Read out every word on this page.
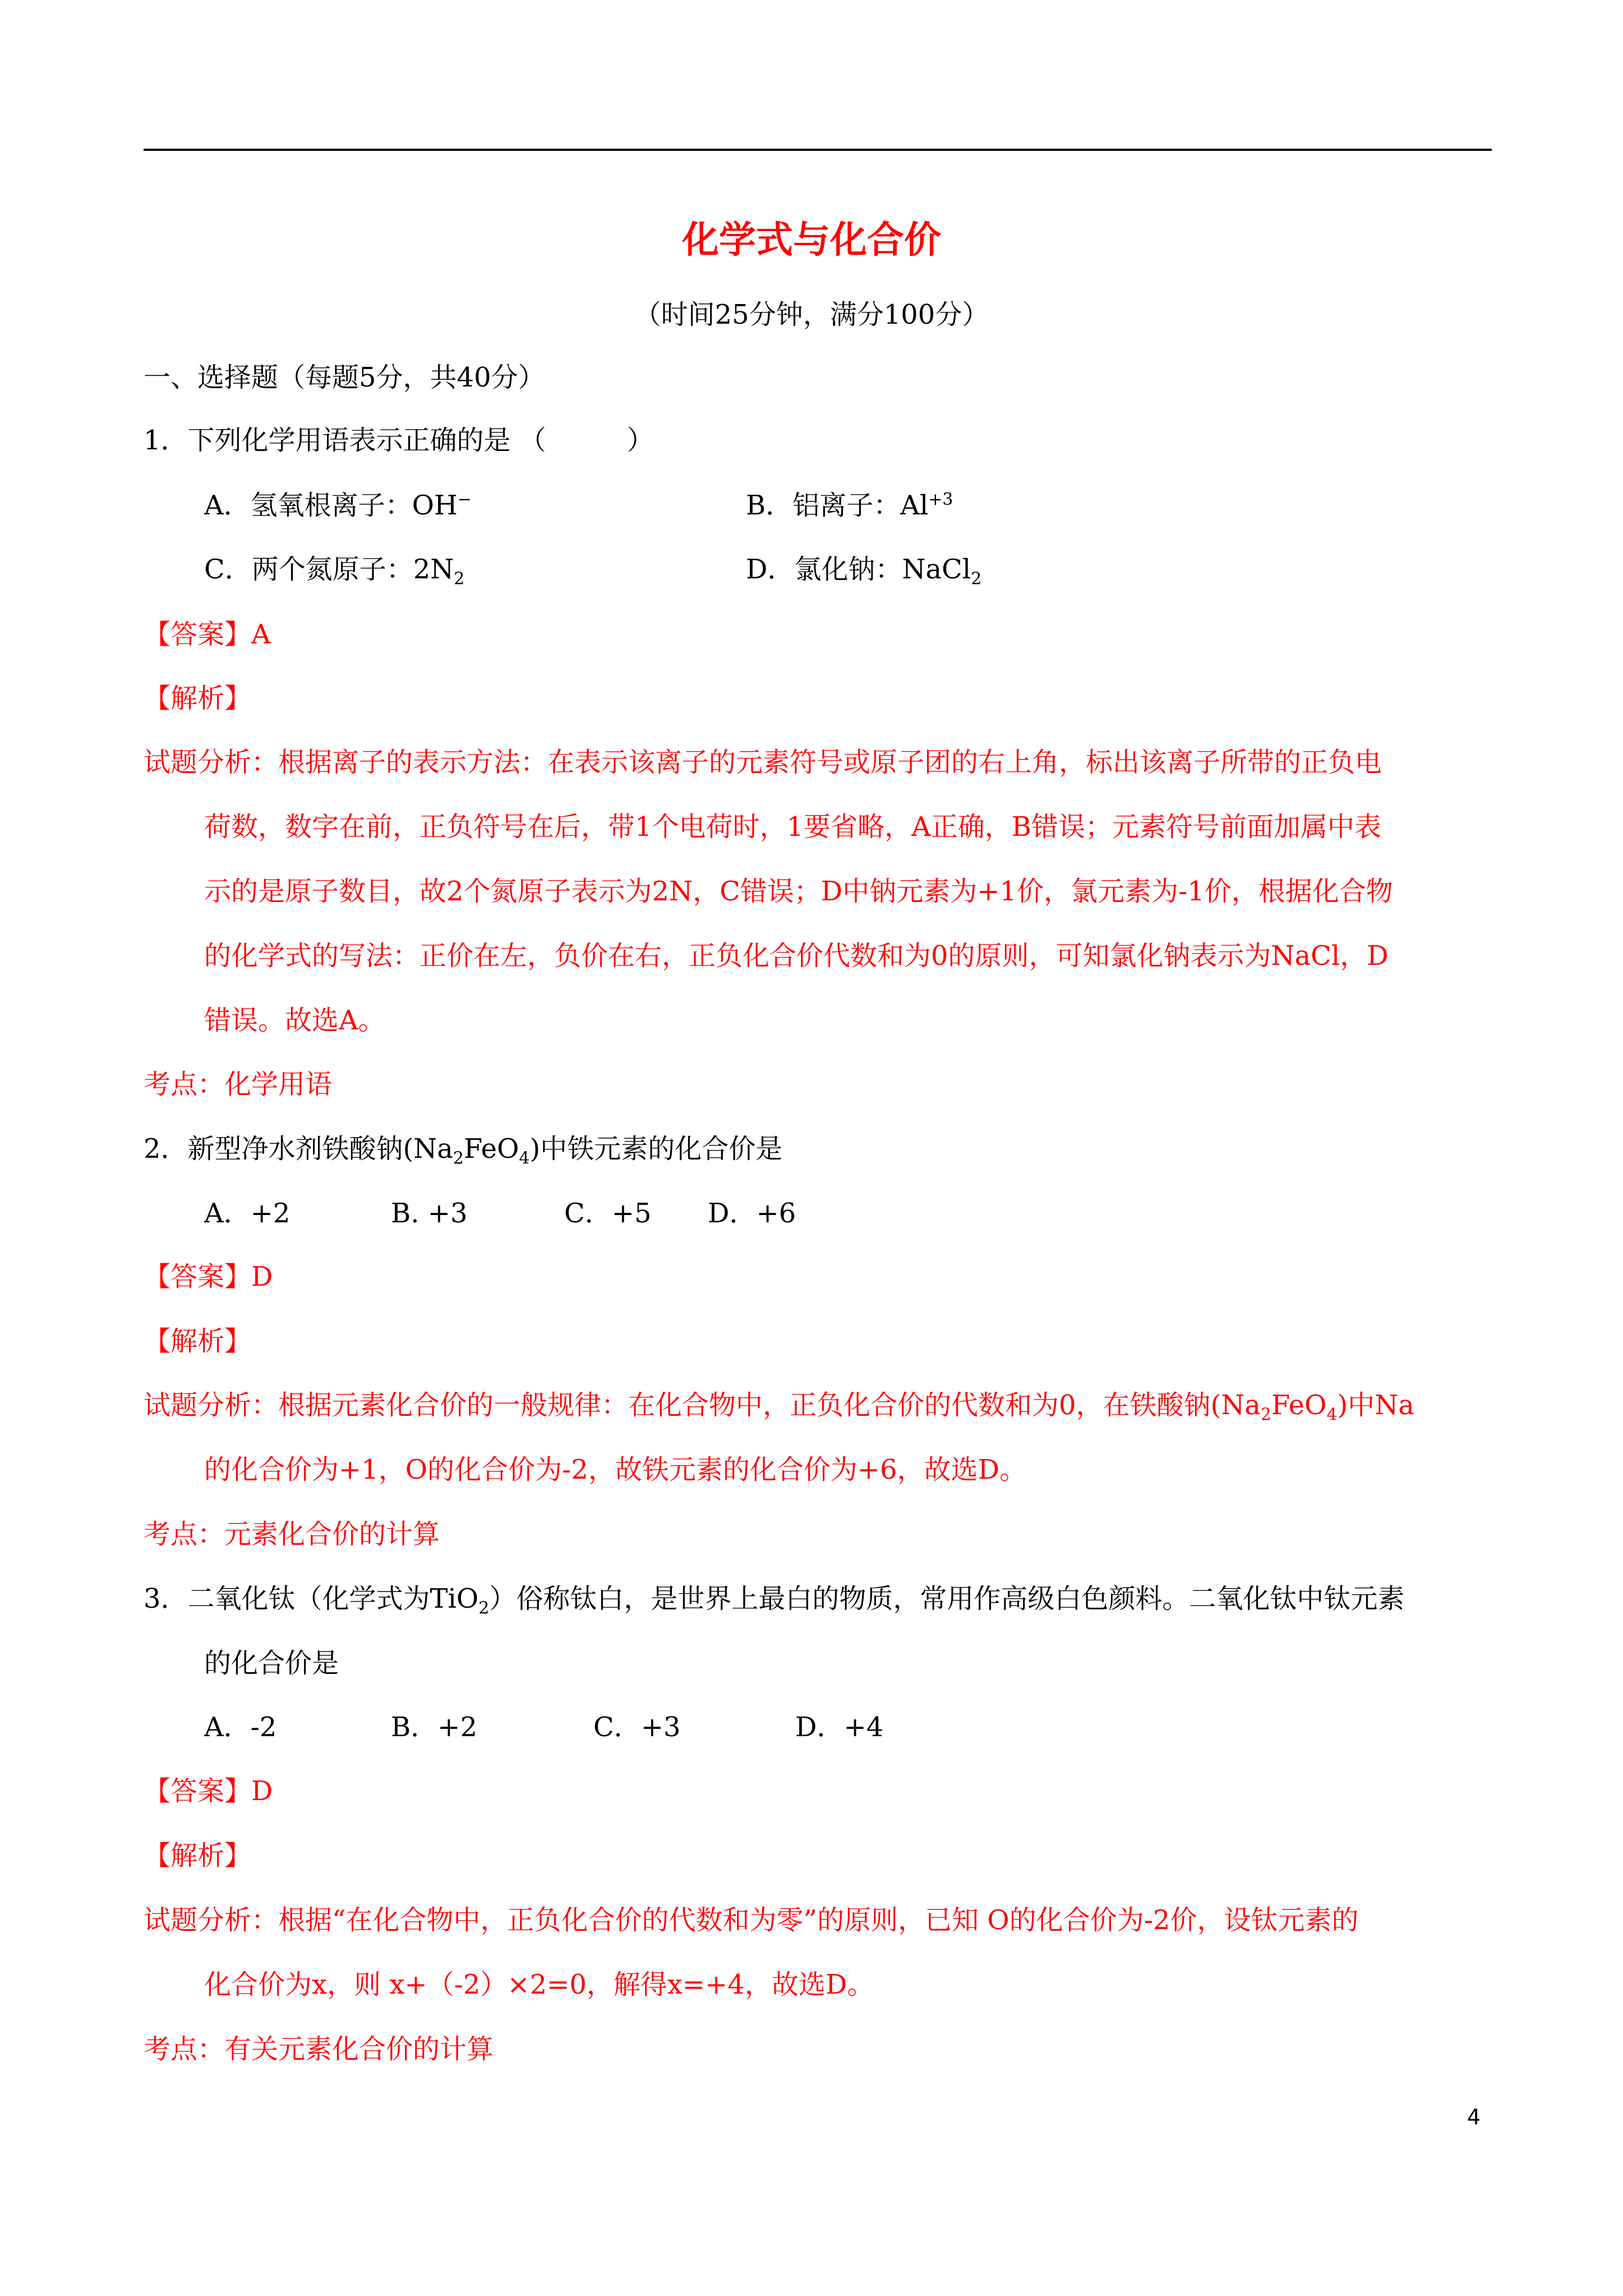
化学式与化合价
（时间25分钟，满分100分）
一、选择题（每题5分，共40分）
1．下列化学用语表示正确的是 （　　　）
A．氢氧根离子：OH−	B．铝离子：$Al^{+3}$
C．两个氮原子：$2N_2$	D．氯化钠：NaCl$_2$
【答案】A
【解析】
试题分析：根据离子的表示方法：在表示该离子的元素符号或原子团的右上角，标出该离子所带的正负电
荷数，数字在前，正负符号在后，带1个电荷时，1要省略，A正确，B错误；元素符号前面加属中表
示的是原子数目，故2个氮原子表示为2N，C错误；D中钠元素为+1价，氯元素为-1价，根据化合物
的化学式的写法：正价在左，负价在右，正负化合价代数和为0的原则，可知氯化钠表示为NaCl，D
错误。故选A。
考点：化学用语
2．新型净水剂铁酸钠$(Na_2FeO_4)$中铁元素的化合价是
A．+2	B. +3	C．+5 D．+6
【答案】D
【解析】
试题分析：根据元素化合价的一般规律：在化合物中，正负化合价的代数和为0，在铁酸钠$(Na_2FeO_4)$中Na
的化合价为+1，O的化合价为-2，故铁元素的化合价为+6，故选D。
考点：元素化合价的计算
3．二氧化钛（化学式为TiO$_2$）俗称钛白，是世界上最白的物质，常用作高级白色颜料。二氧化钛中钛元素
的化合价是
A．-2	B．+2	C．+3	D．+4
【答案】D
【解析】
试题分析：根据“在化合物中，正负化合价的代数和为零”的原则，已知 O的化合价为-2价，设钛元素的
化合价为x，则 x+（-2）×2=0，解得x=+4，故选D。
考点：有关元素化合价的计算
4
